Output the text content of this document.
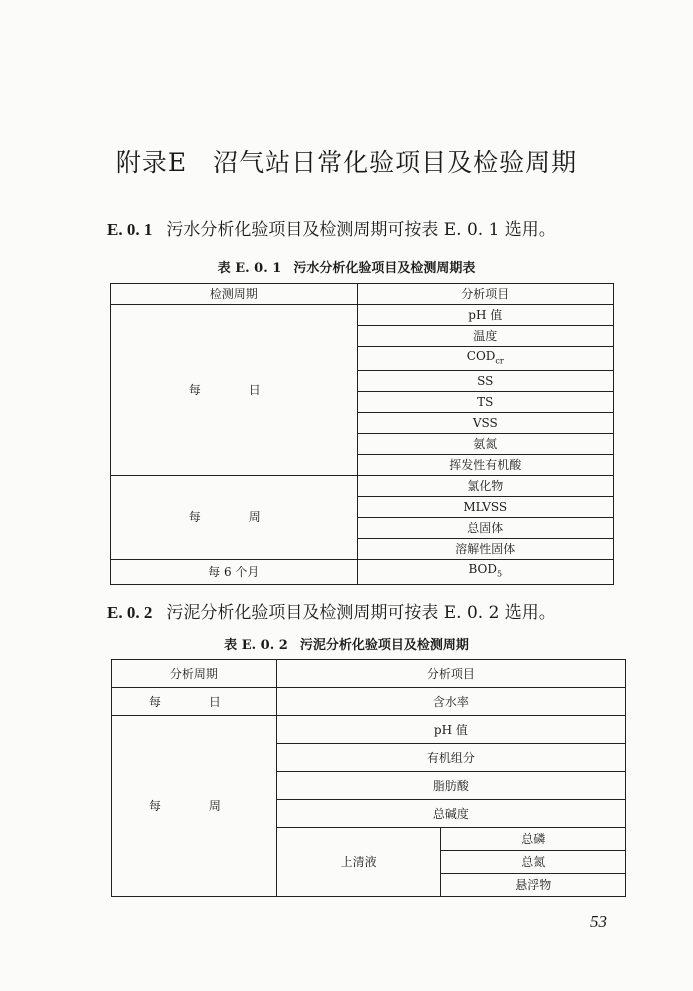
附录E　沼气站日常化验项目及检验周期

E. 0. 1 污水分析化验项目及检测周期可按表 E. 0. 1 选用。

表 E. 0. 1 污水分析化验项目及检测周期表

检测周期	分析项目
每　日	pH 值
	温度
	$COD_{cr}$
	SS
	TS
	VSS
	氨氮
	挥发性有机酸
每　周	氯化物
	MLVSS
	总固体
	溶解性固体
每 6 个月	$BOD_5$

E. 0. 2 污泥分析化验项目及检测周期可按表 E. 0. 2 选用。

表 E. 0. 2 污泥分析化验项目及检测周期

分析周期	分析项目	
每　日	含水率	
每　周	pH 值	
	有机组分	
	脂肪酸	
	总碱度	
	上清液	总磷
		总氮
		悬浮物
53
